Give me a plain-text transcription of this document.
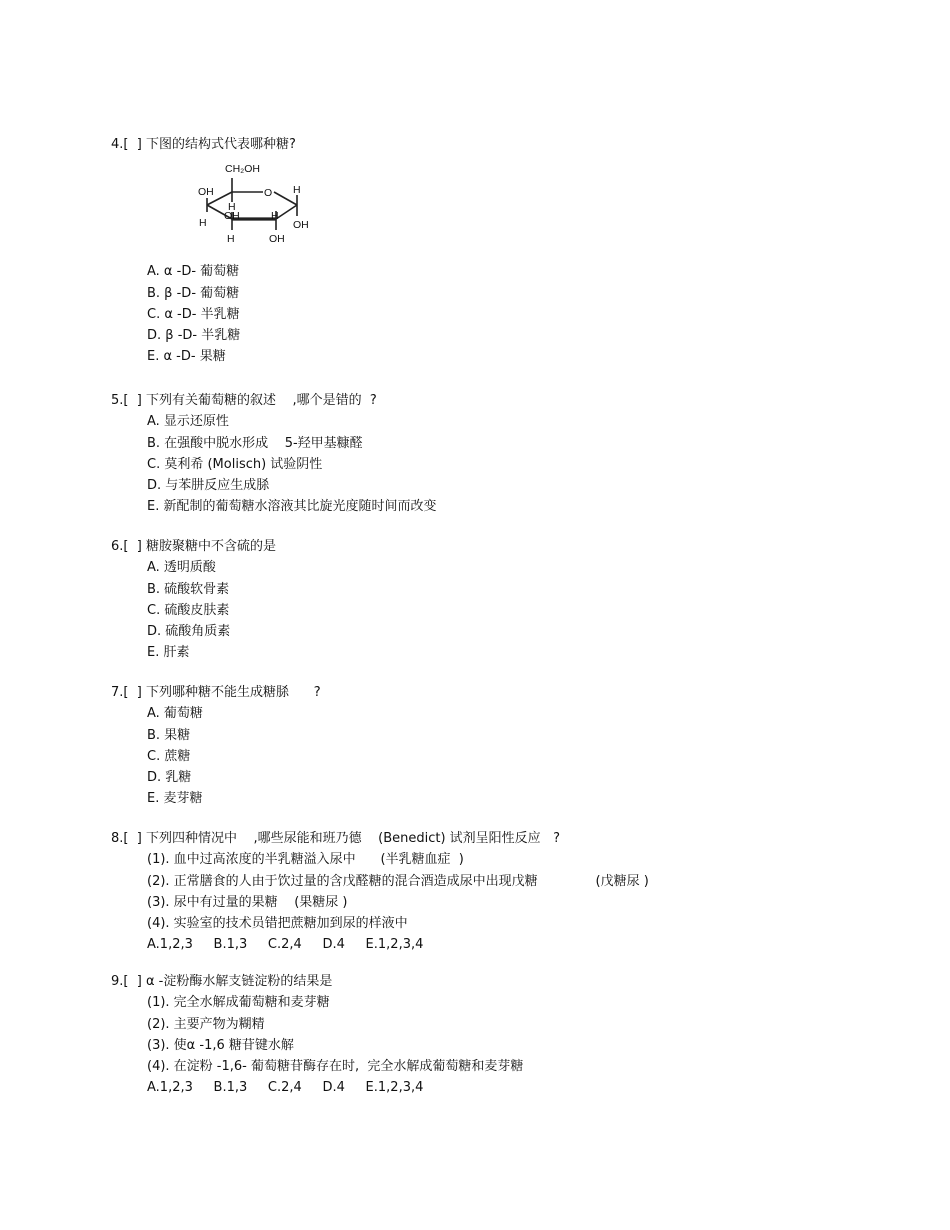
4.[  ] 下图的结构式代表哪种糖?
CH₂OH
OH	O H
H
OH	H
H	OH
H	OH
A. α -D- 葡萄糖
B. β -D- 葡萄糖
C. α -D- 半乳糖
D. β -D- 半乳糖
E. α -D- 果糖
5.[  ] 下列有关葡萄糖的叙述    ,哪个是错的  ?
A. 显示还原性
B. 在强酸中脱水形成    5-羟甲基糠醛
C. 莫利希 (Molisch) 试验阴性
D. 与苯肼反应生成脎
E. 新配制的葡萄糖水溶液其比旋光度随时间而改变
6.[  ] 糖胺聚糖中不含硫的是
A. 透明质酸
B. 硫酸软骨素
C. 硫酸皮肤素
D. 硫酸角质素
E. 肝素
7.[  ] 下列哪种糖不能生成糖脎      ?
A. 葡萄糖
B. 果糖
C. 蔗糖
D. 乳糖
E. 麦芽糖
8.[  ] 下列四种情况中    ,哪些尿能和班乃德    (Benedict) 试剂呈阳性反应   ?
(1). 血中过高浓度的半乳糖溢入尿中      (半乳糖血症  )
(2). 正常膳食的人由于饮过量的含戊醛糖的混合酒造成尿中出现戊糖              (戊糖尿 )
(3). 尿中有过量的果糖    (果糖尿 )
(4). 实验室的技术员错把蔗糖加到尿的样液中
A.1,2,3     B.1,3     C.2,4     D.4     E.1,2,3,4
9.[  ] α -淀粉酶水解支链淀粉的结果是
(1). 完全水解成葡萄糖和麦芽糖
(2). 主要产物为糊精
(3). 使α -1,6 糖苷键水解
(4). 在淀粉 -1,6- 葡萄糖苷酶存在时,  完全水解成葡萄糖和麦芽糖
A.1,2,3     B.1,3     C.2,4     D.4     E.1,2,3,4
